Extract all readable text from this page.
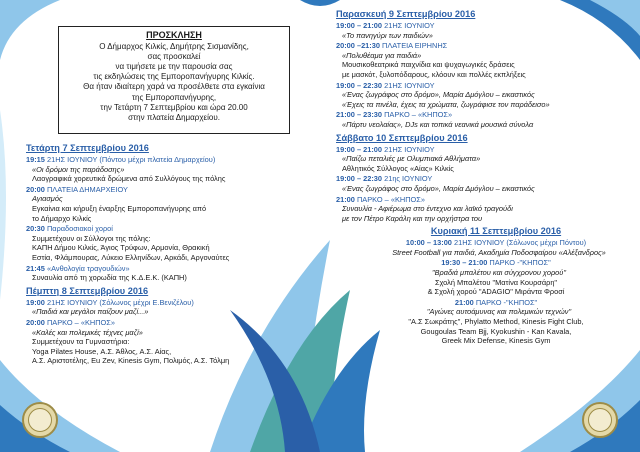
ΠΡΟΣΚΛΗΣΗ
Ο Δήμαρχος Κιλκίς, Δημήτρης Σισμανίδης,
σας προσκαλεί
να τιμήσετε με την παρουσία σας
τις εκδηλώσεις της Εμποροπανήγυρης Κιλκίς.
Θα ήταν ιδιαίτερη χαρά να προσέλθετε στα εγκαίνια
της Εμποροπανήγυρης,
την Τετάρτη 7 Σεπτεμβρίου και ώρα 20.00
στην πλατεία Δημαρχείου.
Τετάρτη 7 Σεπτεμβρίου 2016
19:15 21ΗΣ ΙΟΥΝΙΟΥ (Πόντου μέχρι πλατεία Δημαρχείου)
«Οι δρόμοι της παράδοσης»
Λαογραφικά χορευτικά δρώμενα από Συλλόγους της πόλης
20:00 ΠΛΑΤΕΙΑ ΔΗΜΑΡΧΕΙΟΥ
Αγιασμός
Εγκαίνια και κήρυξη έναρξης Εμποροπανήγυρης από
το Δήμαρχο Κιλκίς
20:30 Παραδοσιακοί χοροί
Συμμετέχουν οι Σύλλογοι της πόλης:
ΚΑΠΗ Δήμου Κιλκίς, Άγιος Τρύφων, Αρμονία, Θρακική
Εστία, Φλάμπουρας, Λύκειο Ελληνίδων, Αρκάδι, Αργοναύτες
21:45 «Ανθολογία τραγουδιών»
Συναυλία από τη χορωδία της Κ.Δ.Ε.Κ. (ΚΑΠΗ)
Πέμπτη 8 Σεπτεμβρίου 2016
19:00 21ΗΣ ΙΟΥΝΙΟΥ (Σόλωνος μέχρι Ε.Βενιζέλου)
«Παιδιά και μεγάλοι παίζουν μαζί...»
20:00 ΠΑΡΚΟ – «ΚΗΠΟΣ»
«Καλές και πολεμικές τέχνες μαζί»
Συμμετέχουν τα Γυμναστήρια:
Yoga Pilates House, Α.Σ. Άθλος, Α.Σ. Αίας,
Α.Σ. Αριστοτέλης, Eu Zev, Kinesis Gym, Πολιμός, Α.Σ. Τόλμη
Παρασκευή 9 Σεπτεμβρίου 2016
19:00 – 21:00 21ΗΣ ΙΟΥΝΙΟΥ
«Το πανηγύρι των παιδιών»
20:00 –21:30 ΠΛΑΤΕΙΑ ΕΙΡΗΝΗΣ
«Πολυθέαμα για παιδιά»
Μουσικοθεατρικά παιχνίδια και ψυχαγωγικές δράσεις
με μασκότ, ξυλοπόδαρους, κλόουν και πολλές εκπλήξεις
19:00 – 22:30 21ΗΣ ΙΟΥΝΙΟΥ
«Ένας ζωγράφος στο δρόμο», Μαρία Δμόγλου – εικαστικός
«Έχεις τα πινέλα, έχεις τα χρώματα, ζωγράφισε τον παράδεισο»
21:00 – 23:30 ΠΑΡΚΟ – «ΚΗΠΟΣ»
«Πάρτυ νεολαίας», DJs και τοπικά νεανικά μουσικά σύνολα
Σάββατο 10 Σεπτεμβρίου 2016
19:00 – 21:00 21ΗΣ ΙΟΥΝΙΟΥ
«Παίζω πεταλιές με Ολυμπιακά Αθλήματα»
Αθλητικός Σύλλογος «Αίας» Κιλκίς
19:00 – 22:30 21ης ΙΟΥΝΙΟΥ
«Ένας ζωγράφος στο δρόμο», Μαρία Δμόγλου – εικαστικός
21:00 ΠΑΡΚΟ – «ΚΗΠΟΣ»
Συναυλία - Αφιέρωμα στο έντεχνο και λαϊκό τραγούδι
με τον Πέτρο Καράλη και την ορχήστρα του
Κυριακή 11 Σεπτεμβρίου 2016
10:00 – 13:00 21ΗΣ ΙΟΥΝΙΟΥ (Σόλωνος μέχρι Πόντου)
Street Football για παιδιά, Ακαδημία Ποδοσφαίρου «Αλέξανδρος»
19:30 – 21:00 ΠΑΡΚΟ -"ΚΗΠΟΣ"
"Βραδιά μπαλέτου και σύγχρονου χορού"
Σχολή Μπαλέτου "Ματίνα Κουρσάρη"
& Σχολή χορού "ADAGIO" Μιράντα Φροσί
21:00 ΠΑΡΚΟ -"ΚΗΠΟΣ"
"Αγώνες αυτοάμυνας και πολεμικών τεχνών"
"Α.Σ Σωκράτης", Phylatto Method, Kinesis Fight Club,
Gougoulas Team Bjj, Kyokushin - Kan Kavala,
Greek Mix Defense, Kinesis Gym
